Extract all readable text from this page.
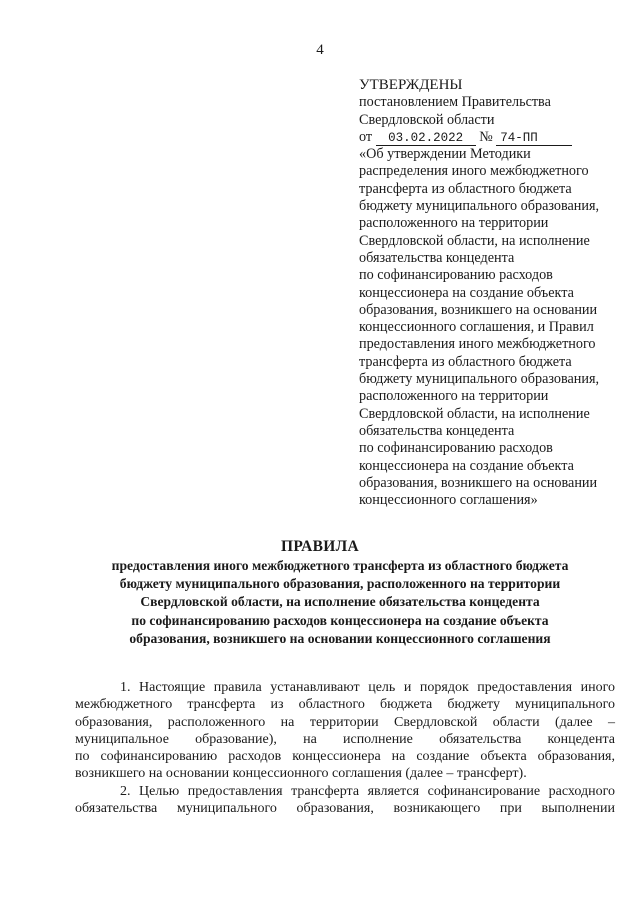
4
УТВЕРЖДЕНЫ
постановлением Правительства
Свердловской области
от 03.02.2022 № 74-ПП
«Об утверждении Методики
распределения иного межбюджетного
трансферта из областного бюджета
бюджету муниципального образования,
расположенного на территории
Свердловской области, на исполнение
обязательства концедента
по софинансированию расходов
концессионера на создание объекта
образования, возникшего на основании
концессионного соглашения, и Правил
предоставления иного межбюджетного
трансферта из областного бюджета
бюджету муниципального образования,
расположенного на территории
Свердловской области, на исполнение
обязательства концедента
по софинансированию расходов
концессионера на создание объекта
образования, возникшего на основании
концессионного соглашения»
ПРАВИЛА
предоставления иного межбюджетного трансферта из областного бюджета
бюджету муниципального образования, расположенного на территории
Свердловской области, на исполнение обязательства концедента
по софинансированию расходов концессионера на создание объекта
образования, возникшего на основании концессионного соглашения
1. Настоящие правила устанавливают цель и порядок предоставления иного
межбюджетного трансферта из областного бюджета бюджету муниципального
образования, расположенного на территории Свердловской области (далее –
муниципальное образование), на исполнение обязательства концедента
по софинансированию расходов концессионера на создание объекта образования,
возникшего на основании концессионного соглашения (далее – трансферт).
2. Целью предоставления трансферта является софинансирование расходного
обязательства муниципального образования, возникающего при выполнении
